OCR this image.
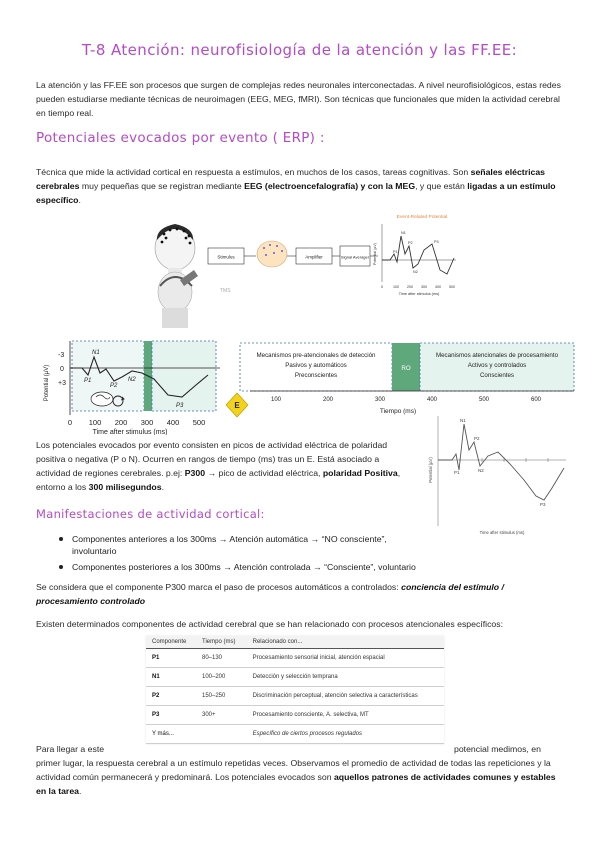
T-8 Atención: neurofisiología de la atención y las FF.EE:
La atención y las FF.EE son procesos que surgen de complejas redes neuronales interconectadas. A nivel neurofisiológicos, estas redes pueden estudiarse mediante técnicas de neuroimagen (EEG, MEG, fMRI). Son técnicas que funcionales que miden la actividad cerebral en tiempo real.
Potenciales evocados por evento ( ERP) :
Técnica que mide la actividad cortical en respuesta a estímulos, en muchos de los casos, tareas cognitivas. Son señales eléctricas cerebrales muy pequeñas que se registran mediante EEG (electroencefalografía) y con la MEG, y que están ligadas a un estímulo específico.
TMS
Stimulus	Amplifier	Signal Averager
Event-Related Potential
P1
N1
P2
N2
P3
Potential (µV)
0	100 200 300 400 500
Time after stimulus (ms)
-3
0
+3
Potential (µV)
N1
P1
P2
N2
P3
0 100 200 300 400 500
Time after stimulus (ms)
E
Mecanismos pre-atencionales de detección
Pasivos y automáticos
Preconscientes
RO
Mecanismos atencionales de procesamiento
Activos y controlados
Conscientes
100	200	300	400	500	600
Tiempo (ms)
Los potenciales evocados por evento consisten en picos de actividad eléctrica de polaridad positiva o negativa (P o N). Ocurren en rangos de tiempo (ms) tras un E. Está asociado a actividad de regiones cerebrales. p.ej: P300 → pico de actividad eléctrica, polaridad Positiva, entorno a los 300 milisegundos.
N1
P1
P2
N2
P3
Potential (µV)
Time after stimulus (ms)
Manifestaciones de actividad cortical:
Componentes anteriores a los 300ms → Atención automática → “NO consciente”, involuntario
Componentes posteriores a los 300ms → Atención controlada → “Consciente”, voluntario
Se considera que el componente P300 marca el paso de procesos automáticos a controlados: conciencia del estímulo / procesamiento controlado
Existen determinados componentes de actividad cerebral que se han relacionado con procesos atencionales específicos:
Componente	Tiempo (ms)	Relacionado con...
P1	80–130	Procesamiento sensorial inicial, atención espacial
N1	100–200	Detección y selección temprana
P2	150–250	Discriminación perceptual, atención selectiva a características
P3	300+	Procesamiento consciente, A. selectiva, MT
Y más...		Específico de ciertos procesos regulados
Para llegar a este	potencial medimos, en primer lugar, la respuesta cerebral a un estímulo repetidas veces. Observamos el promedio de actividad de todas las repeticiones y la actividad común permanecerá y predominará. Los potenciales evocados son aquellos patrones de actividades comunes y estables en la tarea.
